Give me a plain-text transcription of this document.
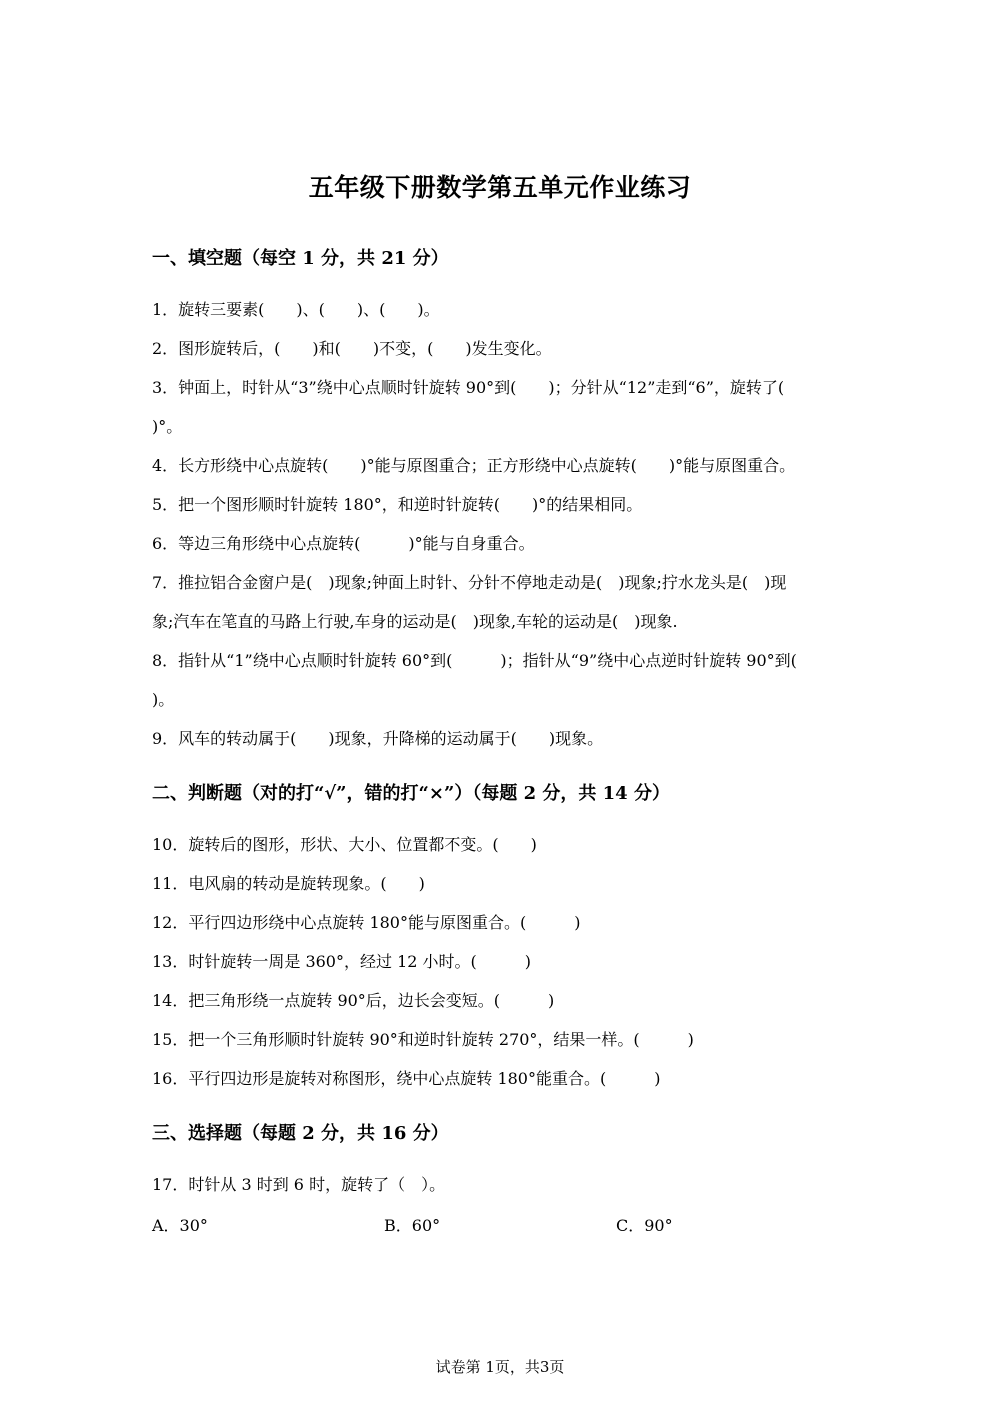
五年级下册数学第五单元作业练习
一、填空题（每空 1 分，共 21 分）
1．旋转三要素(　　)、(　　)、(　　)。
2．图形旋转后，(　　)和(　　)不变，(　　)发生变化。
3．钟面上，时针从“3”绕中心点顺时针旋转 90°到(　　)；分针从“12”走到“6”，旋转了(
)°。
4．长方形绕中心点旋转(　　)°能与原图重合；正方形绕中心点旋转(　　)°能与原图重合。
5．把一个图形顺时针旋转 180°，和逆时针旋转(　　)°的结果相同。
6．等边三角形绕中心点旋转(　　　)°能与自身重合。
7．推拉铝合金窗户是(　)现象;钟面上时针、分针不停地走动是(　)现象;拧水龙头是(　)现
象;汽车在笔直的马路上行驶,车身的运动是(　)现象,车轮的运动是(　)现象.
8．指针从“1”绕中心点顺时针旋转 60°到(　　　)；指针从“9”绕中心点逆时针旋转 90°到(
)。
9．风车的转动属于(　　)现象，升降梯的运动属于(　　)现象。
二、判断题（对的打“√”，错的打“×”）（每题 2 分，共 14 分）
10．旋转后的图形，形状、大小、位置都不变。(　　)
11．电风扇的转动是旋转现象。(　　)
12．平行四边形绕中心点旋转 180°能与原图重合。(　　　)
13．时针旋转一周是 360°，经过 12 小时。(　　　)
14．把三角形绕一点旋转 90°后，边长会变短。(　　　)
15．把一个三角形顺时针旋转 90°和逆时针旋转 270°，结果一样。(　　　)
16．平行四边形是旋转对称图形，绕中心点旋转 180°能重合。(　　　)
三、选择题（每题 2 分，共 16 分）
17．时针从 3 时到 6 时，旋转了（　）。
A．30°	B．60°	C．90°
试卷第 1页，共3页
